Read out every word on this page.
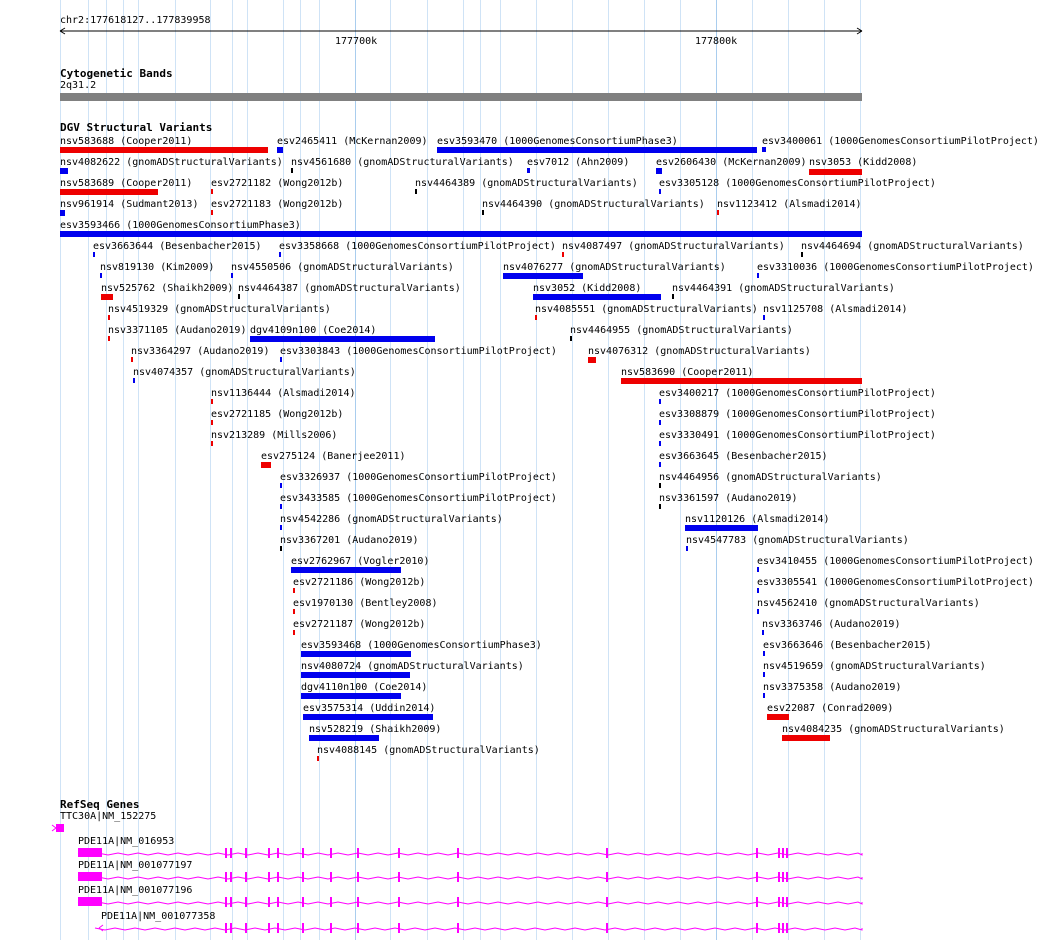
chr2:177618127..177839958
177700k	177800k
Cytogenetic Bands
2q31.2
DGV Structural Variants
nsv583688 (Cooper2011)	esv2465411 (McKernan2009) esv3593470 (1000GenomesConsortiumPhase3)	esv3400061 (1000GenomesConsortiumPilotProject)
nsv4082622 (gnomADStructuralVariants) nsv4561680 (gnomADStructuralVariants) esv7012 (Ahn2009)	esv2606430 (McKernan2009) nsv3053 (Kidd2008)
nsv583689 (Cooper2011) esv2721182 (Wong2012b)	nsv4464389 (gnomADStructuralVariants) esv3305128 (1000GenomesConsortiumPilotProject)
nsv961914 (Sudmant2013) esv2721183 (Wong2012b)	nsv4464390 (gnomADStructuralVariants) nsv1123412 (Alsmadi2014)
esv3593466 (1000GenomesConsortiumPhase3)
esv3663644 (Besenbacher2015) esv3358668 (1000GenomesConsortiumPilotProject) nsv4087497 (gnomADStructuralVariants) nsv4464694 (gnomADStructuralVariants)
nsv819130 (Kim2009) nsv4550506 (gnomADStructuralVariants)	nsv4076277 (gnomADStructuralVariants)	esv3310036 (1000GenomesConsortiumPilotProject)
nsv525762 (Shaikh2009) nsv4464387 (gnomADStructuralVariants)	nsv3052 (Kidd2008)	nsv4464391 (gnomADStructuralVariants)
nsv4519329 (gnomADStructuralVariants)	nsv4085551 (gnomADStructuralVariants) nsv1125708 (Alsmadi2014)
nsv3371105 (Audano2019) dgv4109n100 (Coe2014)	nsv4464955 (gnomADStructuralVariants)
nsv3364297 (Audano2019) esv3303843 (1000GenomesConsortiumPilotProject)	nsv4076312 (gnomADStructuralVariants)
nsv4074357 (gnomADStructuralVariants)	nsv583690 (Cooper2011)
nsv1136444 (Alsmadi2014)	esv3400217 (1000GenomesConsortiumPilotProject)
esv2721185 (Wong2012b)	esv3308879 (1000GenomesConsortiumPilotProject)
nsv213289 (Mills2006)	esv3330491 (1000GenomesConsortiumPilotProject)
esv275124 (Banerjee2011)	esv3663645 (Besenbacher2015)
esv3326937 (1000GenomesConsortiumPilotProject)	nsv4464956 (gnomADStructuralVariants)
esv3433585 (1000GenomesConsortiumPilotProject)	nsv3361597 (Audano2019)
nsv4542286 (gnomADStructuralVariants)	nsv1120126 (Alsmadi2014)
nsv3367201 (Audano2019)	nsv4547783 (gnomADStructuralVariants)
esv2762967 (Vogler2010)	esv3410455 (1000GenomesConsortiumPilotProject)
esv2721186 (Wong2012b)	esv3305541 (1000GenomesConsortiumPilotProject)
esv1970130 (Bentley2008)	nsv4562410 (gnomADStructuralVariants)
esv2721187 (Wong2012b)	nsv3363746 (Audano2019)
esv3593468 (1000GenomesConsortiumPhase3)	esv3663646 (Besenbacher2015)
nsv4080724 (gnomADStructuralVariants)	nsv4519659 (gnomADStructuralVariants)
dgv4110n100 (Coe2014)	nsv3375358 (Audano2019)
esv3575314 (Uddin2014)	esv22087 (Conrad2009)
nsv528219 (Shaikh2009)	nsv4084235 (gnomADStructuralVariants)
nsv4088145 (gnomADStructuralVariants)
RefSeq Genes
TTC30A|NM_152275
PDE11A|NM_016953
PDE11A|NM_001077197
PDE11A|NM_001077196
PDE11A|NM_001077358
